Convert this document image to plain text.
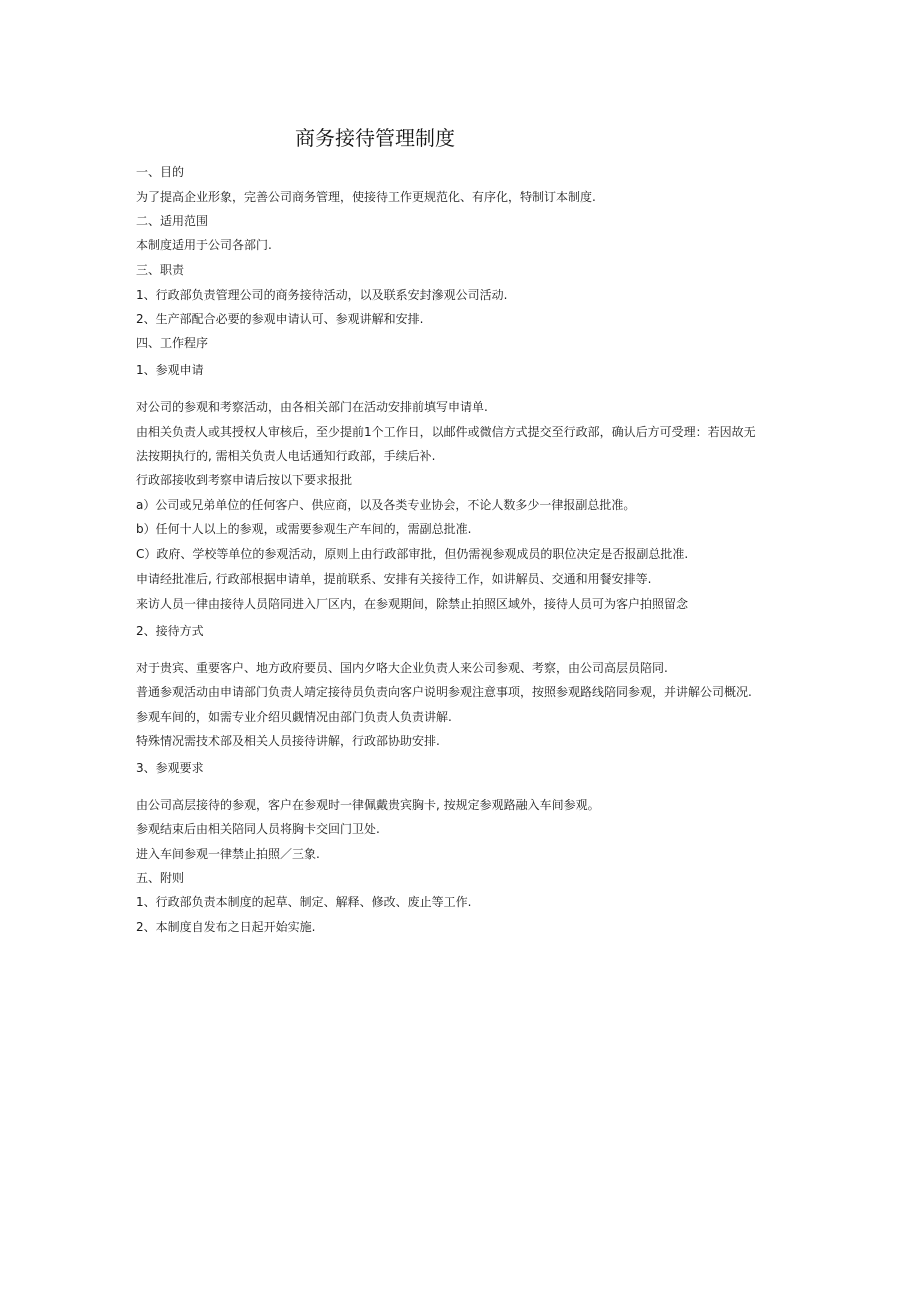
商务接待管理制度
一、目的
为了提高企业形象，完善公司商务管理，使接待工作更规范化、有序化，特制订本制度.
二、适用范围
本制度适用于公司各部门.
三、职责
1、行政部负责管理公司的商务接待活动，以及联系安封滲观公司活动.
2、生产部配合必要的参观申请认可、参观讲解和安排.
四、工作程序
1、参观申请
对公司的参观和考察活动，由各相关部门在活动安排前填写申请单.
由相关负责人或其授权人审核后，至少提前1个工作日，以邮件或微信方式提交至行政部，确认后方可受理：若因故无
法按期执行的, 需相关负责人电话通知行政部，手续后补.
行政部接收到考察申请后按以下要求报批
a）公司或兄弟单位的任何客户、供应商，以及各类专业协会，不论人数多少一律报副总批准。
b）任何十人以上的参观，或需要参观生产车间的，需副总批准.
C）政府、学校等单位的参观活动，原则上由行政部审批，但仍需视参观成员的职位决定是否报副总批准.
申请经批准后, 行政部根据申请单，提前联系、安排有关接待工作，如讲解员、交通和用餐安排等.
来访人员一律由接待人员陪同进入厂区内，在参观期间，除禁止拍照区域外，接待人员可为客户拍照留念
2、接待方式
对于贵宾、重要客户、地方政府要员、国内夕咯大企业负责人来公司参观、考察，由公司高层员陪同.
普通参观活动由申请部门负责人靖定接待员负责向客户说明参观注意事项，按照参观路线陪同参观，并讲解公司概况.
参观车间的，如需专业介绍贝觑情况由部门负责人负责讲解.
特殊情况需技术部及相关人员接待讲解，行政部协助安排.
3、参观要求
由公司高层接待的参观，客户在参观时一律佩戴贵宾胸卡, 按规定参观路融入车间参观。
参观结束后由相关陪同人员将胸卡交回门卫处.
进入车间参观一律禁止拍照／三象.
五、附则
1、行政部负责本制度的起草、制定、解释、修改、废止等工作.
2、本制度自发布之日起开始实施.
